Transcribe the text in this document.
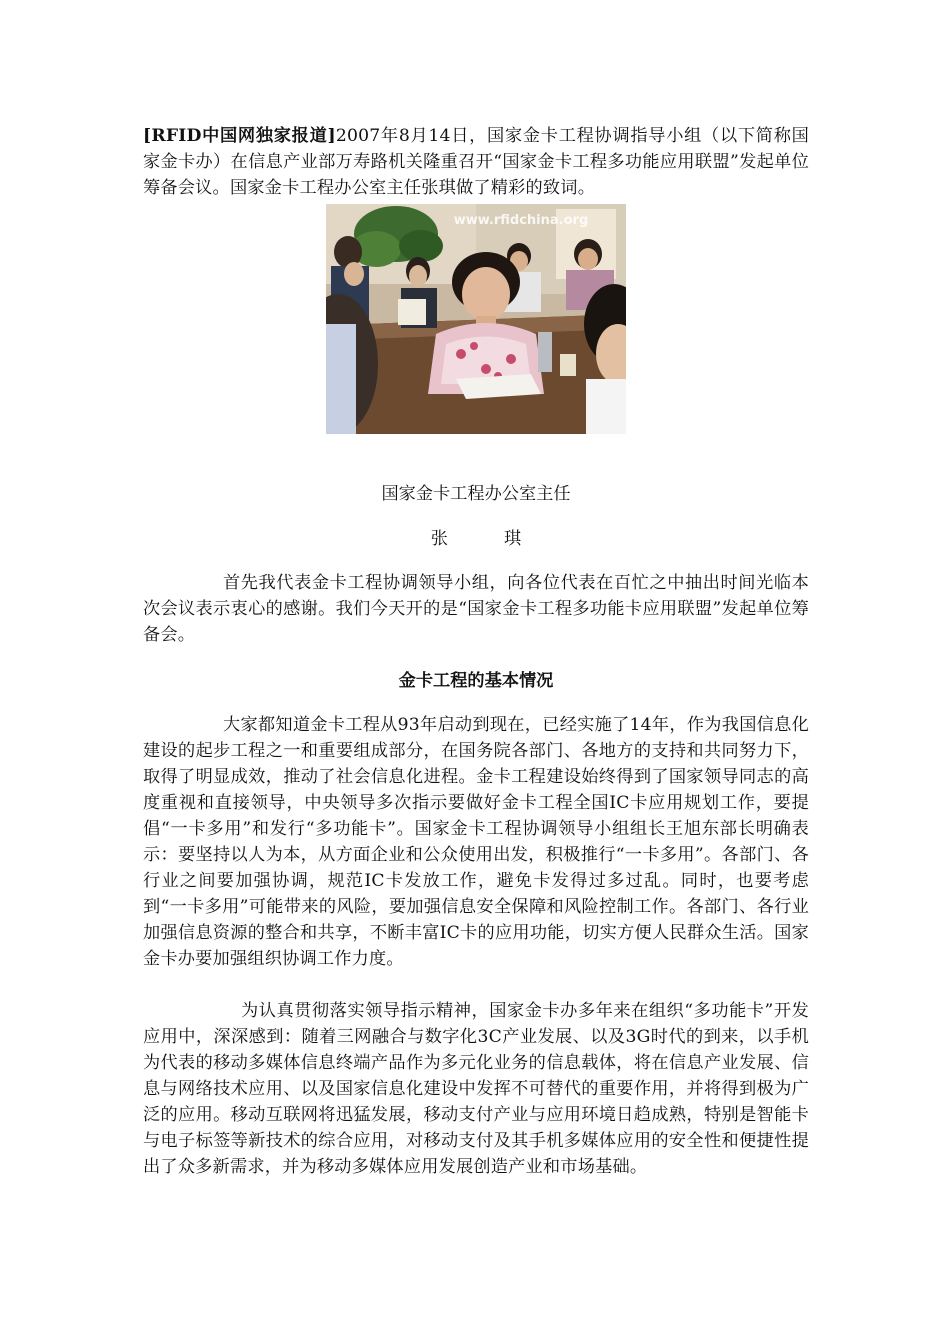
[RFID中国网独家报道]2007年8月14日，国家金卡工程协调指导小组（以下简称国家金卡办）在信息产业部万寿路机关隆重召开“国家金卡工程多功能应用联盟”发起单位筹备会议。国家金卡工程办公室主任张琪做了精彩的致词。

www.rfidchina.org
国家金卡工程办公室主任
张	琪

首先我代表金卡工程协调领导小组，向各位代表在百忙之中抽出时间光临本次会议表示衷心的感谢。我们今天开的是“国家金卡工程多功能卡应用联盟”发起单位筹备会。

金卡工程的基本情况

大家都知道金卡工程从93年启动到现在，已经实施了14年，作为我国信息化建设的起步工程之一和重要组成部分，在国务院各部门、各地方的支持和共同努力下，取得了明显成效，推动了社会信息化进程。金卡工程建设始终得到了国家领导同志的高度重视和直接领导，中央领导多次指示要做好金卡工程全国IC卡应用规划工作，要提倡“一卡多用”和发行“多功能卡”。国家金卡工程协调领导小组组长王旭东部长明确表示：要坚持以人为本，从方面企业和公众使用出发，积极推行“一卡多用”。各部门、各行业之间要加强协调，规范IC卡发放工作，避免卡发得过多过乱。同时，也要考虑到“一卡多用”可能带来的风险，要加强信息安全保障和风险控制工作。各部门、各行业加强信息资源的整合和共享，不断丰富IC卡的应用功能，切实方便人民群众生活。国家金卡办要加强组织协调工作力度。

为认真贯彻落实领导指示精神，国家金卡办多年来在组织“多功能卡”开发应用中，深深感到：随着三网融合与数字化3C产业发展、以及3G时代的到来，以手机为代表的移动多媒体信息终端产品作为多元化业务的信息载体，将在信息产业发展、信息与网络技术应用、以及国家信息化建设中发挥不可替代的重要作用，并将得到极为广泛的应用。移动互联网将迅猛发展，移动支付产业与应用环境日趋成熟，特别是智能卡与电子标签等新技术的综合应用，对移动支付及其手机多媒体应用的安全性和便捷性提出了众多新需求，并为移动多媒体应用发展创造产业和市场基础。
